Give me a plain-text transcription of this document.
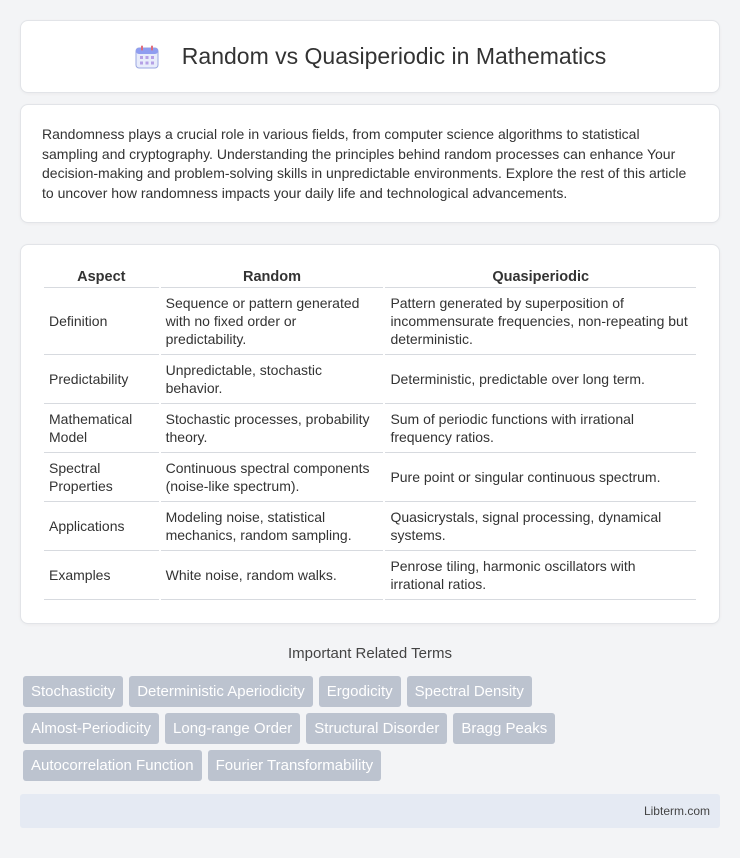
Random vs Quasiperiodic in Mathematics

Randomness plays a crucial role in various fields, from computer science algorithms to statistical sampling and cryptography. Understanding the principles behind random processes can enhance Your decision-making and problem-solving skills in unpredictable environments. Explore the rest of this article to uncover how randomness impacts your daily life and technological advancements.

Aspect	Random	Quasiperiodic
Definition	Sequence or pattern generated with no fixed order or predictability.	Pattern generated by superposition of incommensurate frequencies, non-repeating but deterministic.
Predictability	Unpredictable, stochastic behavior.	Deterministic, predictable over long term.
Mathematical Model	Stochastic processes, probability theory.	Sum of periodic functions with irrational frequency ratios.
Spectral Properties	Continuous spectral components (noise-like spectrum).	Pure point or singular continuous spectrum.
Applications	Modeling noise, statistical mechanics, random sampling.	Quasicrystals, signal processing, dynamical systems.
Examples	White noise, random walks.	Penrose tiling, harmonic oscillators with irrational ratios.
Important Related Terms
Stochasticity	Deterministic Aperiodicity	Ergodicity	Spectral Density
Almost-Periodicity	Long-range Order	Structural Disorder	Bragg Peaks
Autocorrelation Function	Fourier Transformability
Libterm.com
